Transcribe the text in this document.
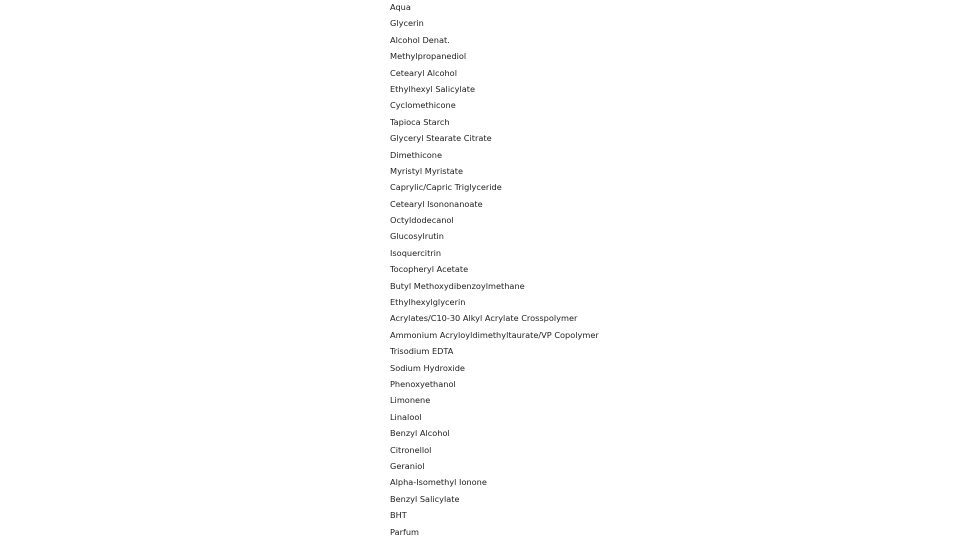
Aqua
Glycerin
Alcohol Denat.
Methylpropanediol
Cetearyl Alcohol
Ethylhexyl Salicylate
Cyclomethicone
Tapioca Starch
Glyceryl Stearate Citrate
Dimethicone
Myristyl Myristate
Caprylic/Capric Triglyceride
Cetearyl Isononanoate
Octyldodecanol
Glucosylrutin
Isoquercitrin
Tocopheryl Acetate
Butyl Methoxydibenzoylmethane
Ethylhexylglycerin
Acrylates/C10-30 Alkyl Acrylate Crosspolymer
Ammonium Acryloyldimethyltaurate/VP Copolymer
Trisodium EDTA
Sodium Hydroxide
Phenoxyethanol
Limonene
Linalool
Benzyl Alcohol
Citronellol
Geraniol
Alpha-Isomethyl Ionone
Benzyl Salicylate
BHT
Parfum
